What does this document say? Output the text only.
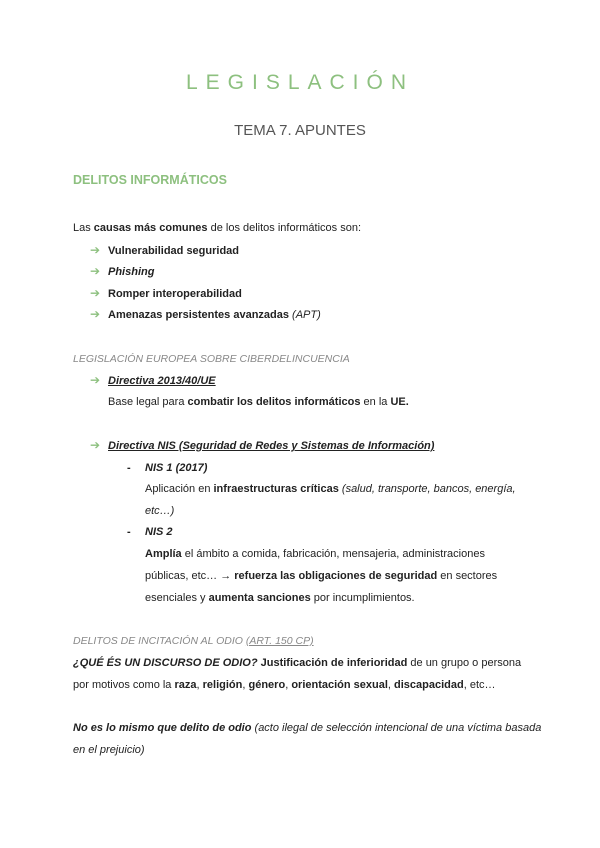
LEGISLACIÓN
TEMA 7. APUNTES
DELITOS INFORMÁTICOS
Las causas más comunes de los delitos informáticos son:
➔ Vulnerabilidad seguridad
➔ Phishing
➔ Romper interoperabilidad
➔ Amenazas persistentes avanzadas (APT)
LEGISLACIÓN EUROPEA SOBRE CIBERDELINCUENCIA
➔ Directiva 2013/40/UE
Base legal para combatir los delitos informáticos en la UE.
➔ Directiva NIS (Seguridad de Redes y Sistemas de Información)
- NIS 1 (2017)
Aplicación en infraestructuras críticas (salud, transporte, bancos, energía,
etc…)
- NIS 2
Amplía el ámbito a comida, fabricación, mensajeria, administraciones
públicas, etc… → refuerza las obligaciones de seguridad en sectores
esenciales y aumenta sanciones por incumplimientos.
DELITOS DE INCITACIÓN AL ODIO (ART. 150 CP)
¿QUÉ ÉS UN DISCURSO DE ODIO? Justificación de inferioridad de un grupo o persona
por motivos como la raza, religión, género, orientación sexual, discapacidad, etc…
No es lo mismo que delito de odio (acto ilegal de selección intencional de una víctima basada
en el prejuicio)
